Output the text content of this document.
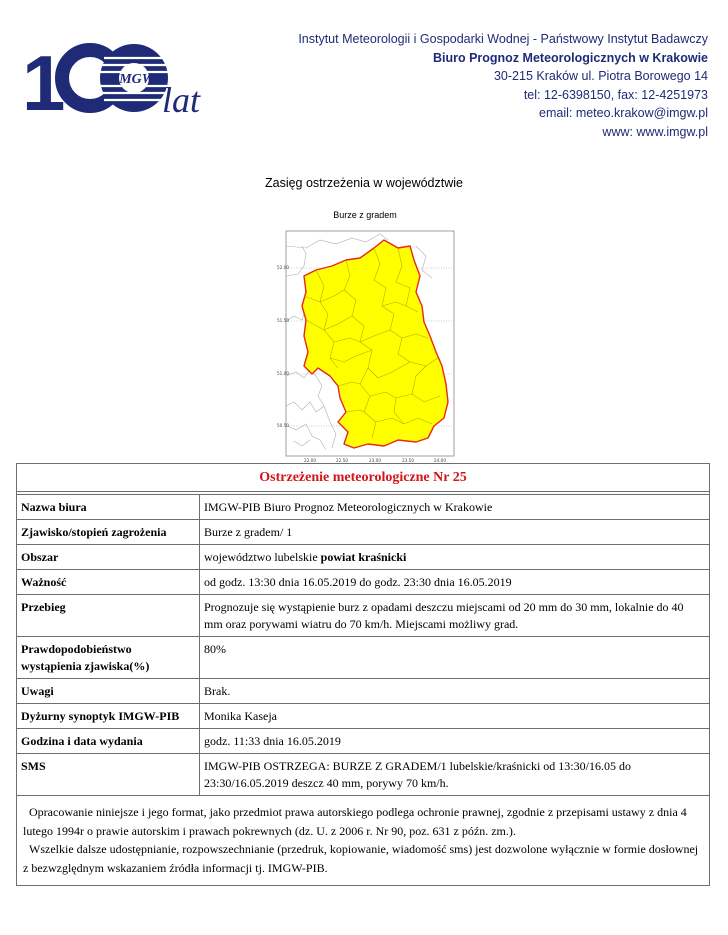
1	IMGW
lat
Instytut Meteorologii i Gospodarki Wodnej - Państwowy Instytut Badawczy
Biuro Prognoz Meteorologicznych w Krakowie
30-215 Kraków ul. Piotra Borowego 14
tel: 12-6398150, fax: 12-4251973
email: meteo.krakow@imgw.pl
www: www.imgw.pl
Zasięg ostrzeżenia w województwie
Burze z gradem
52.00
51.50
51.00
50.50
22.00	22.50	23.00	23.50	24.00
Ostrzeżenie meteorologiczne Nr 25	

Nazwa biura	IMGW-PIB Biuro Prognoz Meteorologicznych w Krakowie
Zjawisko/stopień zagrożenia	Burze z gradem/ 1
Obszar	województwo lubelskie powiat kraśnicki
Ważność	od godz. 13:30 dnia 16.05.2019 do godz. 23:30 dnia 16.05.2019
Przebieg	Prognozuje się wystąpienie burz z opadami deszczu miejscami od 20 mm do 30 mm, lokalnie do 40 mm oraz porywami wiatru do 70 km/h. Miejscami możliwy grad.
Prawdopodobieństwo wystąpienia zjawiska(%)	80%
Uwagi	Brak.
Dyżurny synoptyk IMGW-PIB	Monika Kaseja
Godzina i data wydania	godz. 11:33 dnia 16.05.2019
SMS	IMGW-PIB OSTRZEGA: BURZE Z GRADEM/1 lubelskie/kraśnicki od 13:30/16.05 do 23:30/16.05.2019 deszcz 40 mm, porywy 70 km/h.

Opracowanie niniejsze i jego format, jako przedmiot prawa autorskiego podlega ochronie prawnej, zgodnie z przepisami ustawy z dnia 4 lutego 1994r o prawie autorskim i prawach pokrewnych (dz. U. z 2006 r. Nr 90, poz. 631 z późn. zm.).
Wszelkie dalsze udostępnianie, rozpowszechnianie (przedruk, kopiowanie, wiadomość sms) jest dozwolone wyłącznie w formie dosłownej z bezwzględnym wskazaniem źródła informacji tj. IMGW-PIB.	
